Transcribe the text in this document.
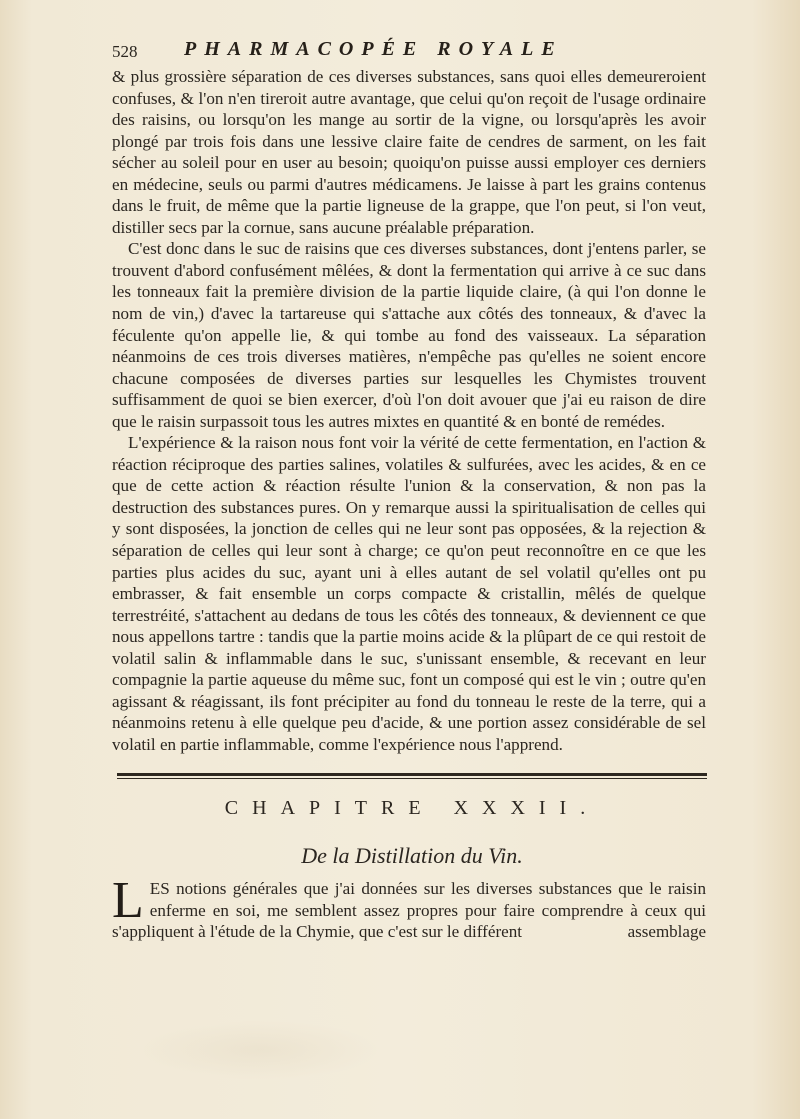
528 PHARMACOPÉE ROYALE

& plus grossière séparation de ces diverses substances, sans quoi elles demeureroient confuses, & l'on n'en tireroit autre avantage, que celui qu'on reçoit de l'usage ordinaire des raisins, ou lorsqu'on les mange au sortir de la vigne, ou lorsqu'après les avoir plongé par trois fois dans une lessive claire faite de cendres de sarment, on les fait sécher au soleil pour en user au besoin; quoiqu'on puisse aussi employer ces derniers en médecine, seuls ou parmi d'autres médicamens. Je laisse à part les grains contenus dans le fruit, de même que la partie ligneuse de la grappe, que l'on peut, si l'on veut, distiller secs par la cornue, sans aucune préalable préparation.

C'est donc dans le suc de raisins que ces diverses substances, dont j'entens parler, se trouvent d'abord confusément mêlées, & dont la fermentation qui arrive à ce suc dans les tonneaux fait la première division de la partie liquide claire, (à qui l'on donne le nom de vin,) d'avec la tartareuse qui s'attache aux côtés des tonneaux, & d'avec la féculente qu'on appelle lie, & qui tombe au fond des vaisseaux. La séparation néanmoins de ces trois diverses matières, n'empêche pas qu'elles ne soient encore chacune composées de diverses parties sur lesquelles les Chymistes trouvent suffisamment de quoi se bien exercer, d'où l'on doit avouer que j'ai eu raison de dire que le raisin surpassoit tous les autres mixtes en quantité & en bonté de remédes.

L'expérience & la raison nous font voir la vérité de cette fermentation, en l'action & réaction réciproque des parties salines, volatiles & sulfurées, avec les acides, & en ce que de cette action & réaction résulte l'union & la conservation, & non pas la destruction des substances pures. On y remarque aussi la spiritualisation de celles qui y sont disposées, la jonction de celles qui ne leur sont pas opposées, & la rejection & séparation de celles qui leur sont à charge; ce qu'on peut reconnoître en ce que les parties plus acides du suc, ayant uni à elles autant de sel volatil qu'elles ont pu embrasser, & fait ensemble un corps compacte & cristallin, mêlés de quelque terrestréité, s'attachent au dedans de tous les côtés des tonneaux, & deviennent ce que nous appellons tartre : tandis que la partie moins acide & la plûpart de ce qui restoit de volatil salin & inflammable dans le suc, s'unissant ensemble, & recevant en leur compagnie la partie aqueuse du même suc, font un composé qui est le vin ; outre qu'en agissant & réagissant, ils font précipiter au fond du tonneau le reste de la terre, qui a néanmoins retenu à elle quelque peu d'acide, & une portion assez considérable de sel volatil en partie inflammable, comme l'expérience nous l'apprend.

CHAPITRE XXXII.
De la Distillation du Vin.
L ES notions générales que j'ai données sur les diverses substances que le raisin enferme en soi, me semblent assez propres pour faire comprendre à ceux qui s'appliquent à l'étude de la Chymie, que c'est sur le différent	assemblage
